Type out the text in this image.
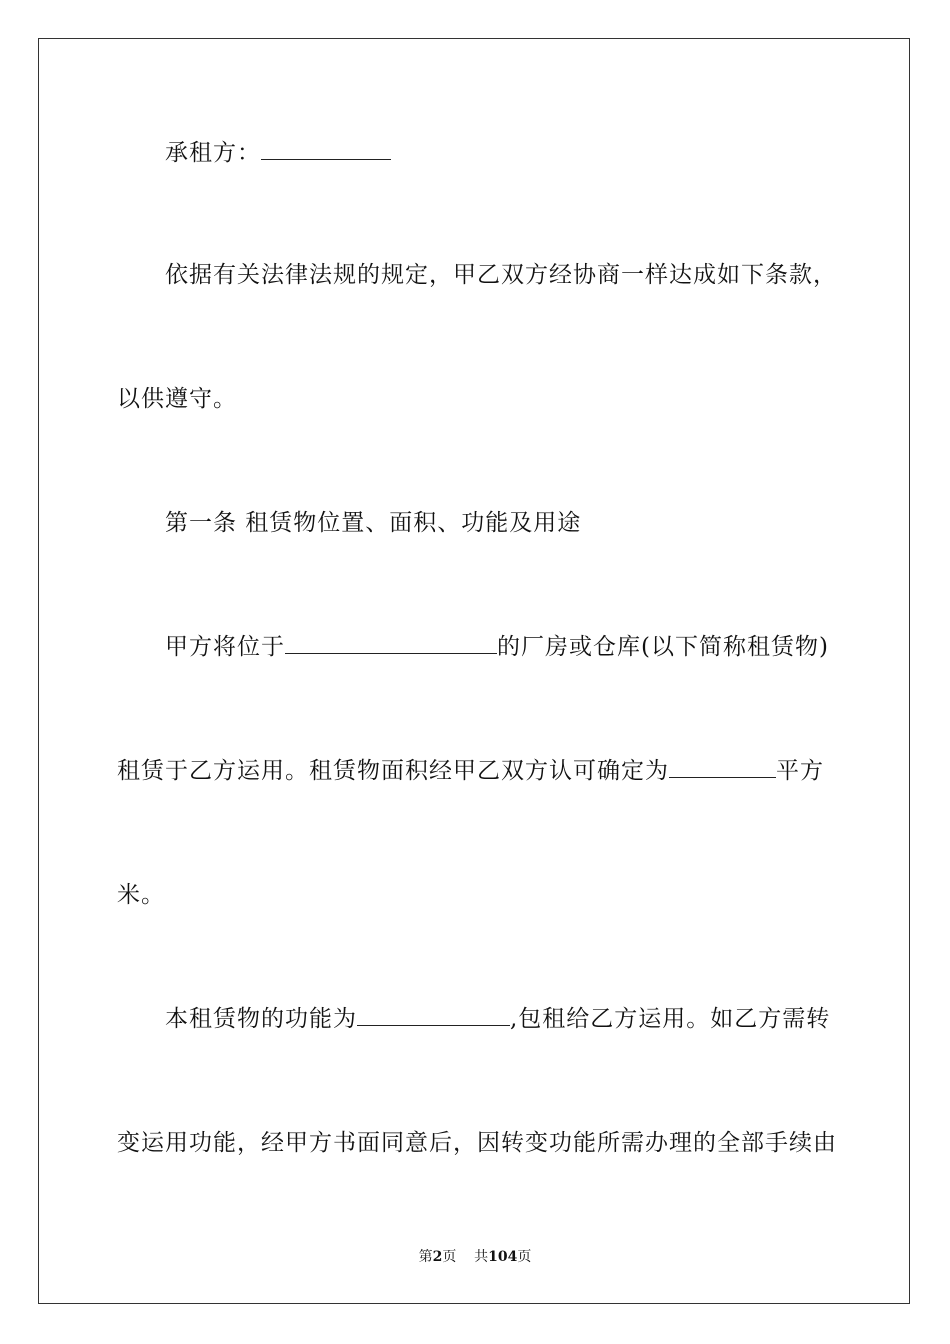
承租方：
依据有关法律法规的规定，甲乙双方经协商一样达成如下条款，
以供遵守。
第一条 租赁物位置、面积、功能及用途
甲方将位于	的厂房或仓库(以下简称租赁物)
租赁于乙方运用。租赁物面积经甲乙双方认可确定为	平方
米。
本租赁物的功能为	,包租给乙方运用。如乙方需转
变运用功能，经甲方书面同意后，因转变功能所需办理的全部手续由
第2页 共104页
